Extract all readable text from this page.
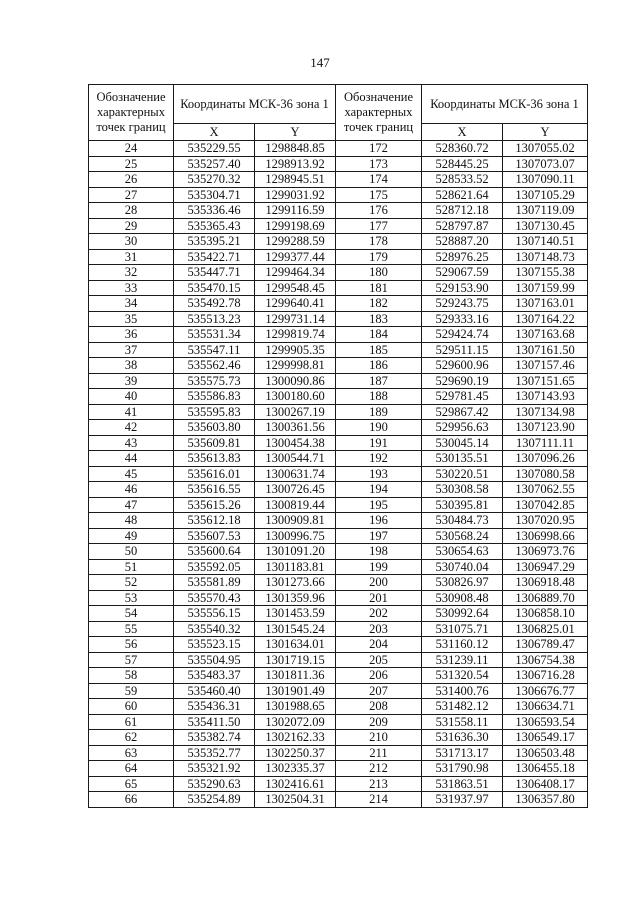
147
Обозначение характерных точек границ	Координаты МСК-36 зона 1		Обозначение характерных точек границ	Координаты МСК-36 зона 1	
	X	Y		X	Y
24	535229.55	1298848.85	172	528360.72	1307055.02
25	535257.40	1298913.92	173	528445.25	1307073.07
26	535270.32	1298945.51	174	528533.52	1307090.11
27	535304.71	1299031.92	175	528621.64	1307105.29
28	535336.46	1299116.59	176	528712.18	1307119.09
29	535365.43	1299198.69	177	528797.87	1307130.45
30	535395.21	1299288.59	178	528887.20	1307140.51
31	535422.71	1299377.44	179	528976.25	1307148.73
32	535447.71	1299464.34	180	529067.59	1307155.38
33	535470.15	1299548.45	181	529153.90	1307159.99
34	535492.78	1299640.41	182	529243.75	1307163.01
35	535513.23	1299731.14	183	529333.16	1307164.22
36	535531.34	1299819.74	184	529424.74	1307163.68
37	535547.11	1299905.35	185	529511.15	1307161.50
38	535562.46	1299998.81	186	529600.96	1307157.46
39	535575.73	1300090.86	187	529690.19	1307151.65
40	535586.83	1300180.60	188	529781.45	1307143.93
41	535595.83	1300267.19	189	529867.42	1307134.98
42	535603.80	1300361.56	190	529956.63	1307123.90
43	535609.81	1300454.38	191	530045.14	1307111.11
44	535613.83	1300544.71	192	530135.51	1307096.26
45	535616.01	1300631.74	193	530220.51	1307080.58
46	535616.55	1300726.45	194	530308.58	1307062.55
47	535615.26	1300819.44	195	530395.81	1307042.85
48	535612.18	1300909.81	196	530484.73	1307020.95
49	535607.53	1300996.75	197	530568.24	1306998.66
50	535600.64	1301091.20	198	530654.63	1306973.76
51	535592.05	1301183.81	199	530740.04	1306947.29
52	535581.89	1301273.66	200	530826.97	1306918.48
53	535570.43	1301359.96	201	530908.48	1306889.70
54	535556.15	1301453.59	202	530992.64	1306858.10
55	535540.32	1301545.24	203	531075.71	1306825.01
56	535523.15	1301634.01	204	531160.12	1306789.47
57	535504.95	1301719.15	205	531239.11	1306754.38
58	535483.37	1301811.36	206	531320.54	1306716.28
59	535460.40	1301901.49	207	531400.76	1306676.77
60	535436.31	1301988.65	208	531482.12	1306634.71
61	535411.50	1302072.09	209	531558.11	1306593.54
62	535382.74	1302162.33	210	531636.30	1306549.17
63	535352.77	1302250.37	211	531713.17	1306503.48
64	535321.92	1302335.37	212	531790.98	1306455.18
65	535290.63	1302416.61	213	531863.51	1306408.17
66	535254.89	1302504.31	214	531937.97	1306357.80
